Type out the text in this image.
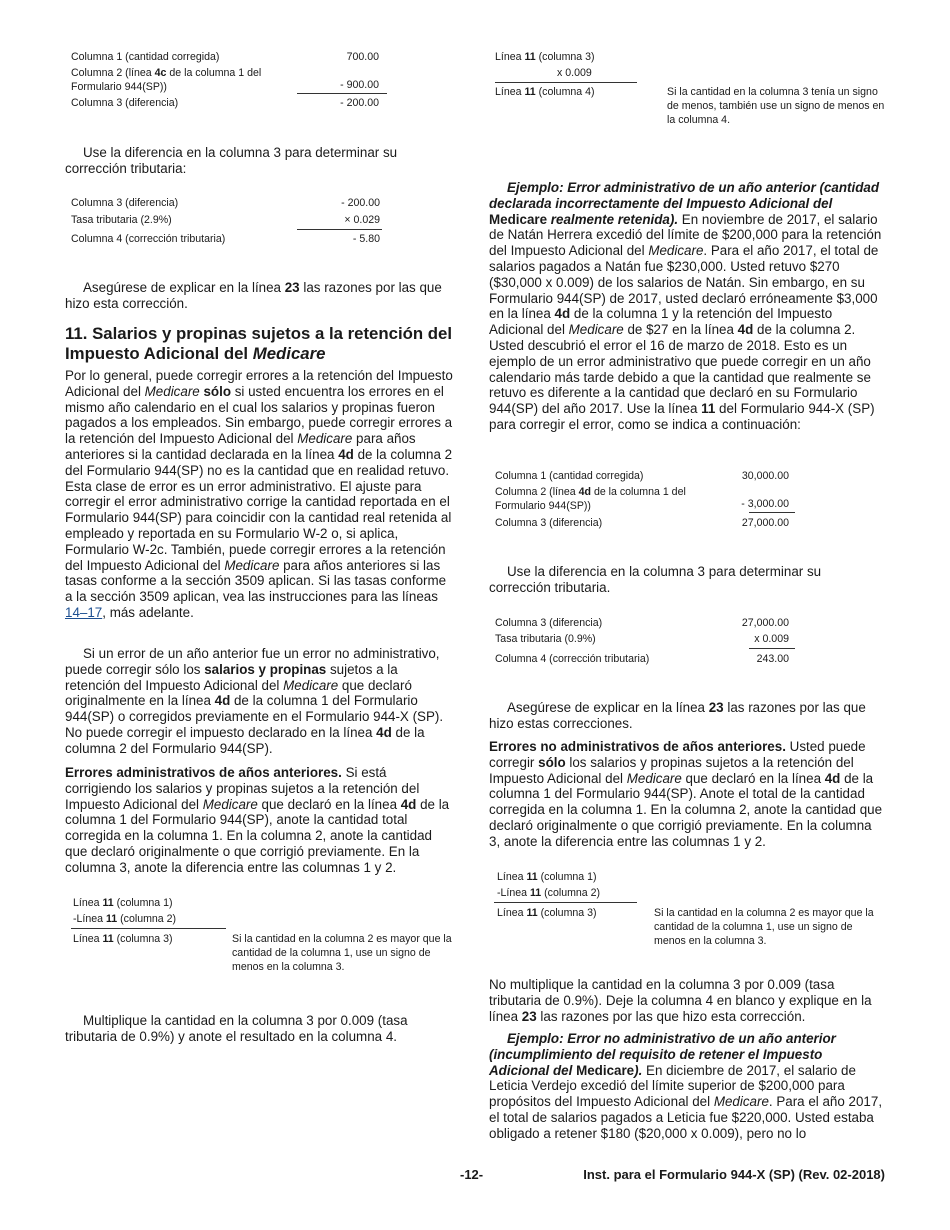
Columna 1 (cantidad corregida)	700.00
Columna 2 (línea 4c de la columna 1 del
Formulario 944(SP))	- 900.00
Columna 3 (diferencia)	- 200.00

Use la diferencia en la columna 3 para determinar su corrección tributaria:

Columna 3 (diferencia)	- 200.00
Tasa tributaria (2.9%)	× 0.029
Columna 4 (corrección tributaria)	- 5.80

Asegúrese de explicar en la línea 23 las razones por las que hizo esta corrección.

11. Salarios y propinas sujetos a la retención del Impuesto Adicional del Medicare

Por lo general, puede corregir errores a la retención del Impuesto Adicional del Medicare sólo si usted encuentra los errores en el mismo año calendario en el cual los salarios y propinas fueron pagados a los empleados. Sin embargo, puede corregir errores a la retención del Impuesto Adicional del Medicare para años anteriores si la cantidad declarada en la línea 4d de la columna 2 del Formulario 944(SP) no es la cantidad que en realidad retuvo. Esta clase de error es un error administrativo. El ajuste para corregir el error administrativo corrige la cantidad reportada en el Formulario 944(SP) para coincidir con la cantidad real retenida al empleado y reportada en su Formulario W-2 o, si aplica, Formulario W-2c. También, puede corregir errores a la retención del Impuesto Adicional del Medicare para años anteriores si las tasas conforme a la sección 3509 aplican. Si las tasas conforme a la sección 3509 aplican, vea las instrucciones para las líneas 14–17, más adelante.

Si un error de un año anterior fue un error no administrativo, puede corregir sólo los salarios y propinas sujetos a la retención del Impuesto Adicional del Medicare que declaró originalmente en la línea 4d de la columna 1 del Formulario 944(SP) o corregidos previamente en el Formulario 944-X (SP). No puede corregir el impuesto declarado en la línea 4d de la columna 2 del Formulario 944(SP).

Errores administrativos de años anteriores. Si está corrigiendo los salarios y propinas sujetos a la retención del Impuesto Adicional del Medicare que declaró en la línea 4d de la columna 1 del Formulario 944(SP), anote la cantidad total corregida en la columna 1. En la columna 2, anote la cantidad que declaró originalmente o que corrigió previamente. En la columna 3, anote la diferencia entre las columnas 1 y 2.

Línea 11 (columna 1)
-Línea 11 (columna 2)
Línea 11 (columna 3)	Si la cantidad en la columna 2 es mayor que la cantidad de la columna 1, use un signo de menos en la columna 3.

Multiplique la cantidad en la columna 3 por 0.009 (tasa tributaria de 0.9%) y anote el resultado en la columna 4.

Línea 11 (columna 3)
x 0.009
Línea 11 (columna 4)	Si la cantidad en la columna 3 tenía un signo de menos, también use un signo de menos en la columna 4.

Ejemplo: Error administrativo de un año anterior (cantidad declarada incorrectamente del Impuesto Adicional del Medicare realmente retenida). En noviembre de 2017, el salario de Natán Herrera excedió del límite de $200,000 para la retención del Impuesto Adicional del Medicare. Para el año 2017, el total de salarios pagados a Natán fue $230,000. Usted retuvo $270 ($30,000 x 0.009) de los salarios de Natán. Sin embargo, en su Formulario 944(SP) de 2017, usted declaró erróneamente $3,000 en la línea 4d de la columna 1 y la retención del Impuesto Adicional del Medicare de $27 en la línea 4d de la columna 2. Usted descubrió el error el 16 de marzo de 2018. Esto es un ejemplo de un error administrativo que puede corregir en un año calendario más tarde debido a que la cantidad que realmente se retuvo es diferente a la cantidad que declaró en su Formulario 944(SP) del año 2017. Use la línea 11 del Formulario 944-X (SP) para corregir el error, como se indica a continuación:

Columna 1 (cantidad corregida)	30,000.00
Columna 2 (línea 4d de la columna 1 del
Formulario 944(SP))	- 3,000.00
Columna 3 (diferencia)	27,000.00

Use la diferencia en la columna 3 para determinar su corrección tributaria.

Columna 3 (diferencia)	27,000.00
Tasa tributaria (0.9%)	x 0.009
Columna 4 (corrección tributaria)	243.00

Asegúrese de explicar en la línea 23 las razones por las que hizo estas correcciones.

Errores no administrativos de años anteriores. Usted puede corregir sólo los salarios y propinas sujetos a la retención del Impuesto Adicional del Medicare que declaró en la línea 4d de la columna 1 del Formulario 944(SP). Anote el total de la cantidad corregida en la columna 1. En la columna 2, anote la cantidad que declaró originalmente o que corrigió previamente. En la columna 3, anote la diferencia entre las columnas 1 y 2.

Línea 11 (columna 1)
-Línea 11 (columna 2)
Línea 11 (columna 3)	Si la cantidad en la columna 2 es mayor que la cantidad de la columna 1, use un signo de menos en la columna 3.

No multiplique la cantidad en la columna 3 por 0.009 (tasa tributaria de 0.9%). Deje la columna 4 en blanco y explique en la línea 23 las razones por las que hizo esta corrección.

Ejemplo: Error no administrativo de un año anterior (incumplimiento del requisito de retener el Impuesto Adicional del Medicare). En diciembre de 2017, el salario de Leticia Verdejo excedió del límite superior de $200,000 para propósitos del Impuesto Adicional del Medicare. Para el año 2017, el total de salarios pagados a Leticia fue $220,000. Usted estaba obligado a retener $180 ($20,000 x 0.009), pero no lo

-12-	Inst. para el Formulario 944-X (SP) (Rev. 02-2018)
